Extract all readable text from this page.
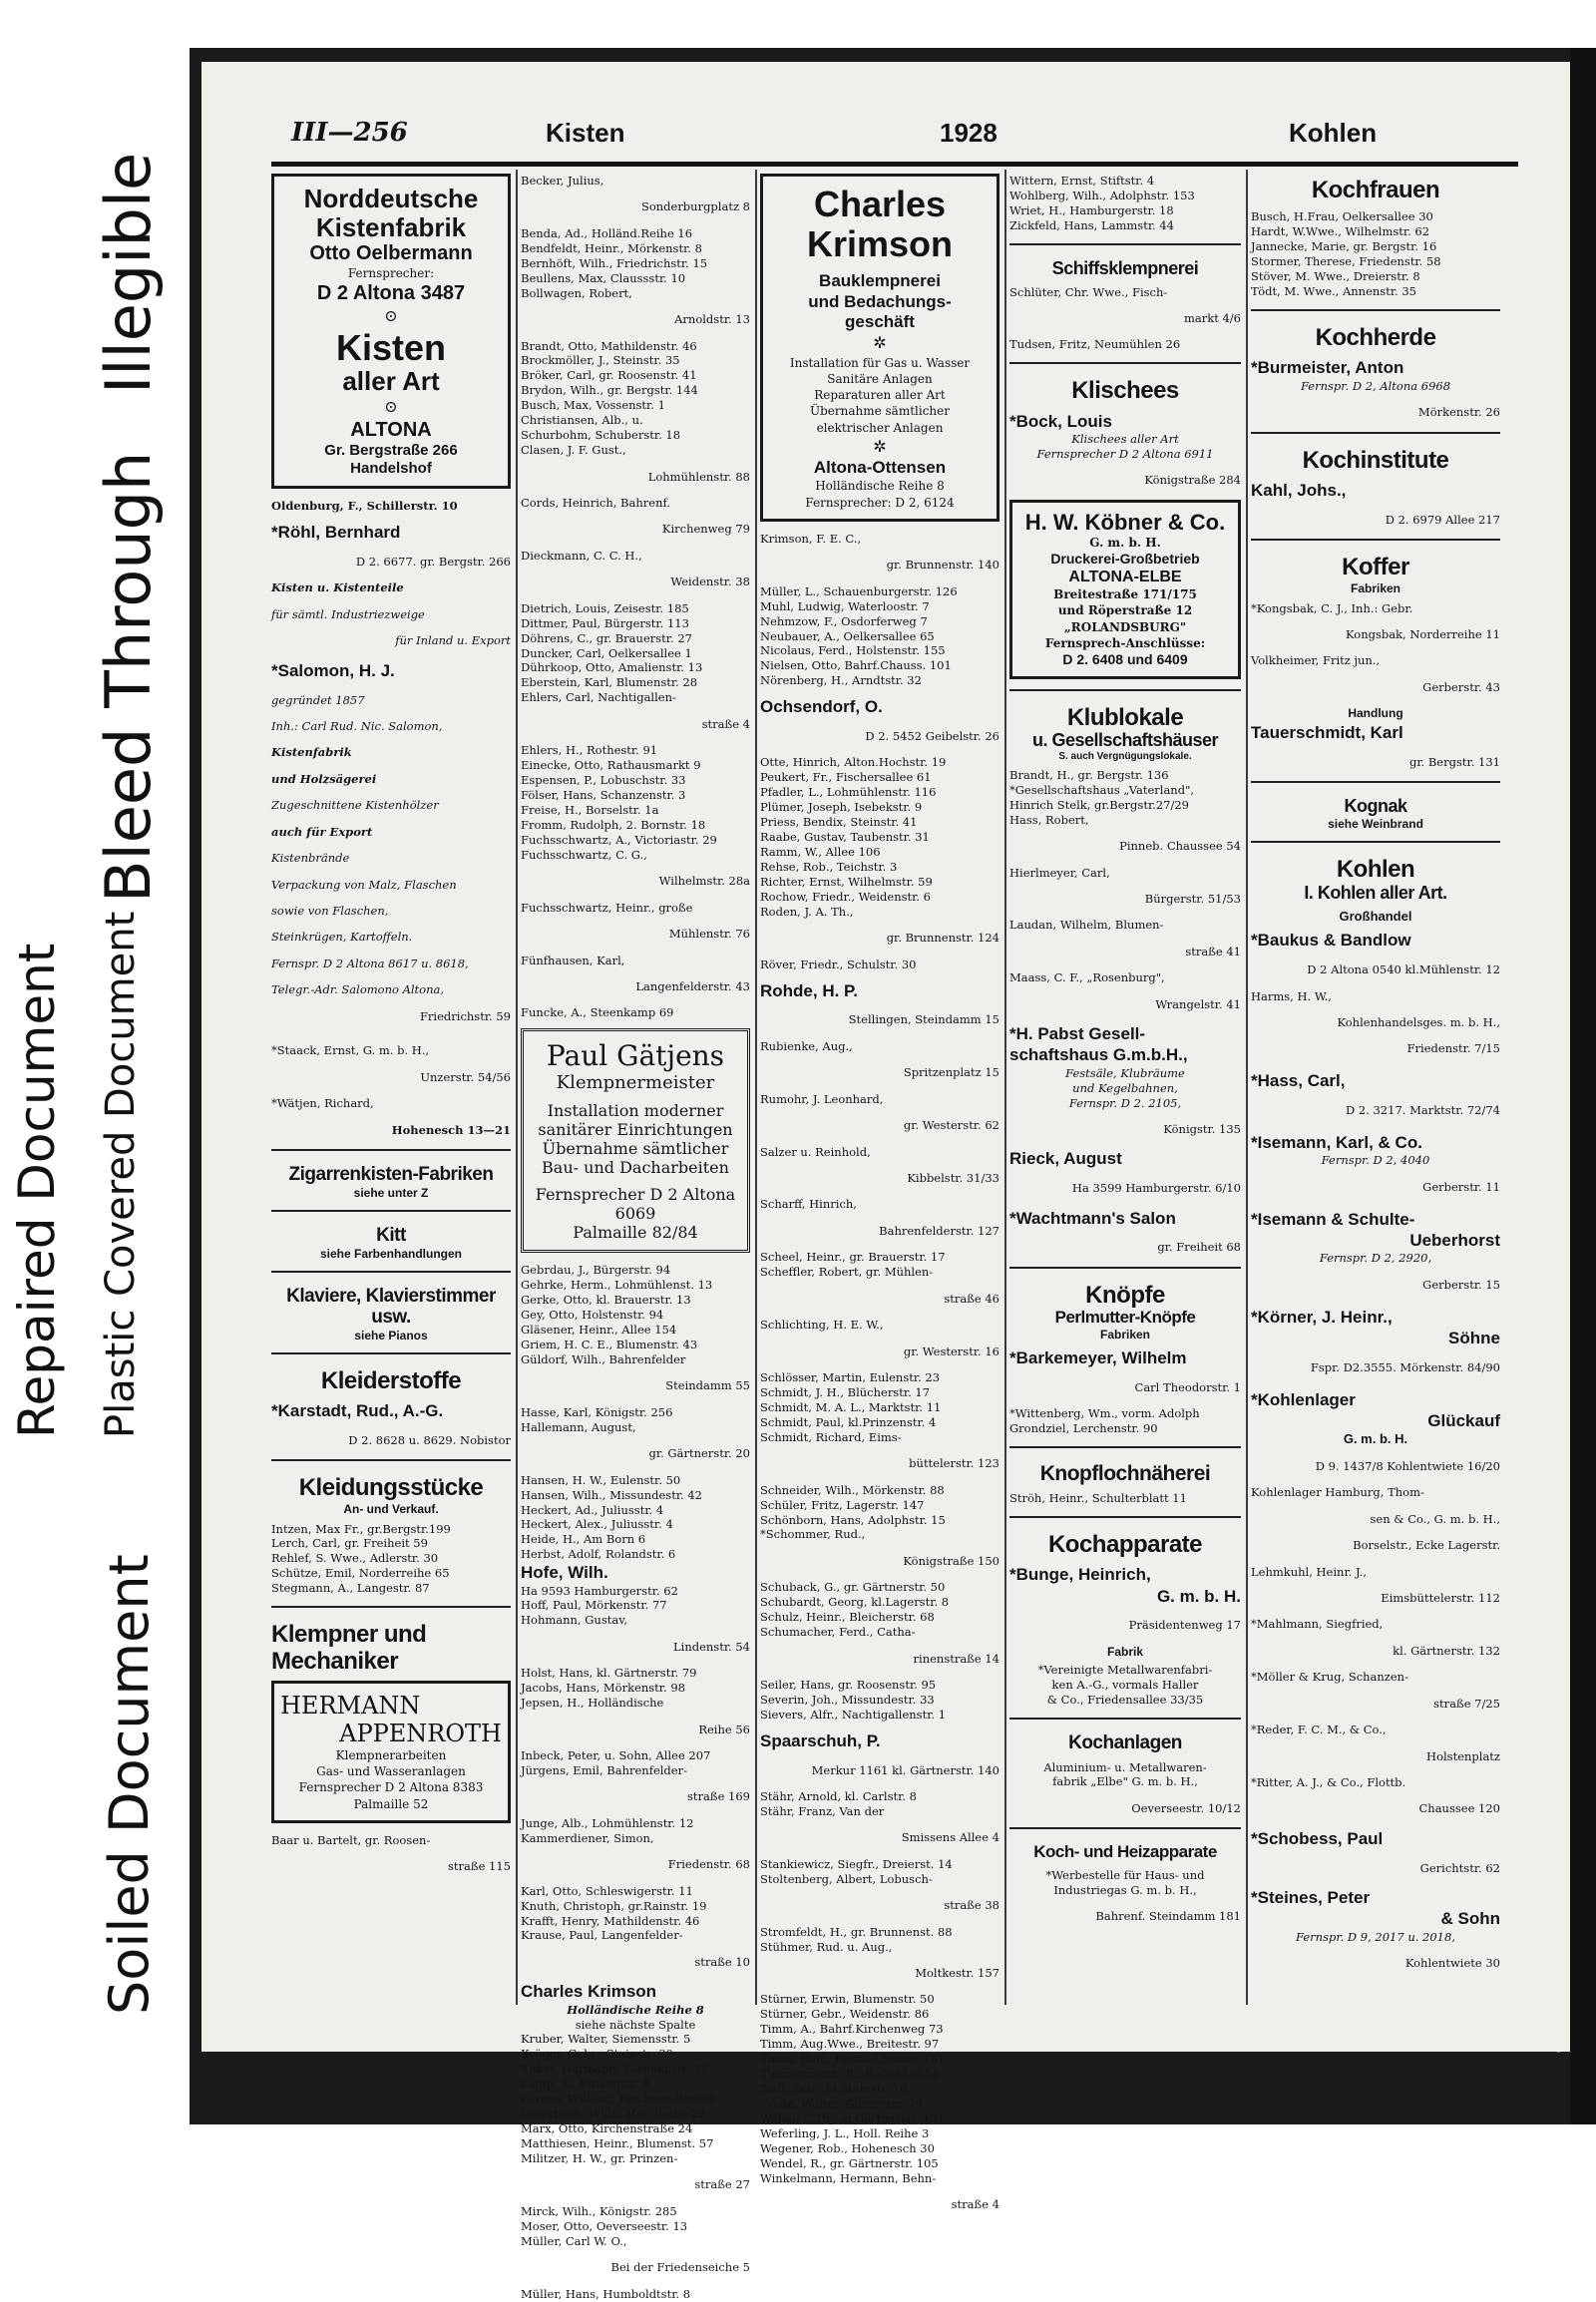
Illegible
Bleed Through
Repaired Document Plastic Covered Document
Soiled Document
III—256	Kisten	1928	Kohlen
Norddeutsche
Kistenfabrik
Otto Oelbermann
Fernsprecher:
D 2 Altona 3487
⊙
Kisten
aller Art
⊙
ALTONA
Gr. Bergstraße 266
Handelshof

Oldenburg, F., Schillerstr. 10

*Röhl, Bernhard

D 2. 6677. gr. Bergstr. 266

Kisten u. Kistenteile

für sämtl. Industriezweige

für Inland u. Export

*Salomon, H. J.

gegründet 1857

Inh.: Carl Rud. Nic. Salomon,

Kistenfabrik

und Holzsägerei

Zugeschnittene Kistenhölzer

auch für Export

Kistenbrände

Verpackung von Malz, Flaschen

sowie von Flaschen,

Steinkrügen, Kartoffeln.

Fernspr. D 2 Altona 8617 u. 8618,

Telegr.-Adr. Salomono Altona,

Friedrichstr. 59

*Staack, Ernst, G. m. b. H.,

Unzerstr. 54/56

*Wätjen, Richard,

Hohenesch 13—21

Zigarrenkisten-Fabriken
siehe unter Z
Kitt
siehe Farbenhandlungen
Klaviere, Klavierstimmer usw.
siehe Pianos
Kleiderstoffe
*Karstadt, Rud., A.-G.

D 2. 8628 u. 8629. Nobistor

Kleidungsstücke
An- und Verkauf.

Intzen, Max Fr., gr.Bergstr.199

Lerch, Carl, gr. Freiheit 59

Rehlef, S. Wwe., Adlerstr. 30

Schütze, Emil, Norderreihe 65

Stegmann, A., Langestr. 87

Klempner und Mechaniker
HERMANN
APPENROTH
Klempnerarbeiten
Gas- und Wasseranlagen
Fernsprecher D 2 Altona 8383
Palmaille 52

Baar u. Bartelt, gr. Roosen-

straße 115

Becker, Julius,

Sonderburgplatz 8

Benda, Ad., Holländ.Reihe 16

Bendfeldt, Heinr., Mörkenstr. 8

Bernhöft, Wilh., Friedrichstr. 15

Beullens, Max, Claussstr. 10

Bollwagen, Robert,

Arnoldstr. 13

Brandt, Otto, Mathildenstr. 46

Brockmöller, J., Steinstr. 35

Bröker, Carl, gr. Roosenstr. 41

Brydon, Wilh., gr. Bergstr. 144

Busch, Max, Vossenstr. 1

Christiansen, Alb., u.

Schurbohm, Schuberstr. 18

Clasen, J. F. Gust.,

Lohmühlenstr. 88

Cords, Heinrich, Bahrenf.

Kirchenweg 79

Dieckmann, C. C. H.,

Weidenstr. 38

Dietrich, Louis, Zeisestr. 185

Dittmer, Paul, Bürgerstr. 113

Döhrens, C., gr. Brauerstr. 27

Duncker, Carl, Oelkersallee 1

Dührkoop, Otto, Amalienstr. 13

Eberstein, Karl, Blumenstr. 28

Ehlers, Carl, Nachtigallen-

straße 4

Ehlers, H., Rothestr. 91

Einecke, Otto, Rathausmarkt 9

Espensen, P., Lobuschstr. 33

Fölser, Hans, Schanzenstr. 3

Freise, H., Borselstr. 1a

Fromm, Rudolph, 2. Bornstr. 18

Fuchsschwartz, A., Victoriastr. 29

Fuchsschwartz, C. G.,

Wilhelmstr. 28a

Fuchsschwartz, Heinr., große

Mühlenstr. 76

Fünfhausen, Karl,

Langenfelderstr. 43

Funcke, A., Steenkamp 69

Paul Gätjens
Klempnermeister
Installation moderner
sanitärer Einrichtungen
Übernahme sämtlicher
Bau- und Dacharbeiten
Fernsprecher D 2 Altona 6069
Palmaille 82/84

Gebrdau, J., Bürgerstr. 94

Gehrke, Herm., Lohmühlenst. 13

Gerke, Otto, kl. Brauerstr. 13

Gey, Otto, Holstenstr. 94

Gläsener, Heinr., Allee 154

Griem, H. C. E., Blumenstr. 43

Güldorf, Wilh., Bahrenfelder

Steindamm 55

Hasse, Karl, Königstr. 256

Hallemann, August,

gr. Gärtnerstr. 20

Hansen, H. W., Eulenstr. 50

Hansen, Wilh., Missundestr. 42

Heckert, Ad., Juliusstr. 4

Heckert, Alex., Juliusstr. 4

Heide, H., Am Born 6

Herbst, Adolf, Rolandstr. 6

Hofe, Wilh.

Ha 9593 Hamburgerstr. 62

Hoff, Paul, Mörkenstr. 77

Hohmann, Gustav,

Lindenstr. 54

Holst, Hans, kl. Gärtnerstr. 79

Jacobs, Hans, Mörkenstr. 98

Jepsen, H., Holländische

Reihe 56

Inbeck, Peter, u. Sohn, Allee 207

Jürgens, Emil, Bahrenfelder-

straße 169

Junge, Alb., Lohmühlenstr. 12

Kammerdiener, Simon,

Friedenstr. 68

Karl, Otto, Schleswigerstr. 11

Knuth, Christoph, gr.Rainstr. 19

Krafft, Henry, Mathildenstr. 46

Krause, Paul, Langenfelder-

straße 10

Charles Krimson

Holländische Reihe 8

siehe nächste Spalte

Kruber, Walter, Siemensstr. 5

Krüger, Gebr., Steinstr. 30

Küker, Hermann, Lerchenstr. 73

Lamp, A., Finkenstr. 4

Larsen, William, Fischersallee 93

Loverbeck, Wilh., Holl.Reihe 22

Marx, Otto, Kirchenstraße 24

Matthiesen, Heinr., Blumenst. 57

Militzer, H. W., gr. Prinzen-

straße 27

Mirck, Wilh., Königstr. 285

Moser, Otto, Oeverseestr. 13

Müller, Carl W. O.,

Bei der Friedenseiche 5

Müller, Hans, Humboldtstr. 8

Charles
Krimson
Bauklempnerei
und Bedachungs-
geschäft
✲
Installation für Gas u. Wasser
Sanitäre Anlagen
Reparaturen aller Art
Übernahme sämtlicher
elektrischer Anlagen
✲
Altona-Ottensen
Holländische Reihe 8
Fernsprecher: D 2, 6124

Krimson, F. E. C.,

gr. Brunnenstr. 140

Müller, L., Schauenburgerstr. 126

Muhl, Ludwig, Waterloostr. 7

Nehmzow, F., Osdorferweg 7

Neubauer, A., Oelkersallee 65

Nicolaus, Ferd., Holstenstr. 155

Nielsen, Otto, Bahrf.Chauss. 101

Nörenberg, H., Arndtstr. 32

Ochsendorf, O.

D 2. 5452 Geibelstr. 26

Otte, Hinrich, Alton.Hochstr. 19

Peukert, Fr., Fischersallee 61

Pfadler, L., Lohmühlenstr. 116

Plümer, Joseph, Isebekstr. 9

Priess, Bendix, Steinstr. 41

Raabe, Gustav, Taubenstr. 31

Ramm, W., Allee 106

Rehse, Rob., Teichstr. 3

Richter, Ernst, Wilhelmstr. 59

Rochow, Friedr., Weidenstr. 6

Roden, J. A. Th.,

gr. Brunnenstr. 124

Röver, Friedr., Schulstr. 30

Rohde, H. P.

Stellingen, Steindamm 15

Rubienke, Aug.,

Spritzenplatz 15

Rumohr, J. Leonhard,

gr. Westerstr. 62

Salzer u. Reinhold,

Kibbelstr. 31/33

Scharff, Hinrich,

Bahrenfelderstr. 127

Scheel, Heinr., gr. Brauerstr. 17

Scheffler, Robert, gr. Mühlen-

straße 46

Schlichting, H. E. W.,

gr. Westerstr. 16

Schlösser, Martin, Eulenstr. 23

Schmidt, J. H., Blücherstr. 17

Schmidt, M. A. L., Marktstr. 11

Schmidt, Paul, kl.Prinzenstr. 4

Schmidt, Richard, Eims-

büttelerstr. 123

Schneider, Wilh., Mörkenstr. 88

Schüler, Fritz, Lagerstr. 147

Schönborn, Hans, Adolphstr. 15

*Schommer, Rud.,

Königstraße 150

Schuback, G., gr. Gärtnerstr. 50

Schubardt, Georg, kl.Lagerstr. 8

Schulz, Heinr., Bleicherstr. 68

Schumacher, Ferd., Catha-

rinenstraße 14

Seiler, Hans, gr. Roosenstr. 95

Severin, Joh., Missundestr. 33

Sievers, Alfr., Nachtigallenstr. 1

Spaarschuh, P.

Merkur 1161 kl. Gärtnerstr. 140

Stähr, Arnold, kl. Carlstr. 8

Stähr, Franz, Van der

Smissens Allee 4

Stankiewicz, Siegfr., Dreierst. 14

Stoltenberg, Albert, Lobusch-

straße 38

Stromfeldt, H., gr. Brunnenst. 88

Stühmer, Rud. u. Aug.,

Moltkestr. 157

Stürner, Erwin, Blumenstr. 50

Stürner, Gebr., Weidenstr. 86

Timm, A., Bahrf.Kirchenweg 73

Timm, Aug.Wwe., Breitestr. 97

Timm, Rud., Flottb.Chauss. 161

Timmermann, R., Rodenhof 5a

Todt, Otto, kl. Rainstr. 16

Trede, Walter, Gustavstr. 79

Weber, L.Th., kl.Gärtnerstr. 131

Weferling, J. L., Holl. Reihe 3

Wegener, Rob., Hohenesch 30

Wendel, R., gr. Gärtnerstr. 105

Winkelmann, Hermann, Behn-

straße 4

Wittern, Ernst, Stiftstr. 4

Wohlberg, Wilh., Adolphstr. 153

Wriet, H., Hamburgerstr. 18

Zickfeld, Hans, Lammstr. 44

Schiffsklempnerei

Schlüter, Chr. Wwe., Fisch-

markt 4/6

Tudsen, Fritz, Neumühlen 26

Klischees
*Bock, Louis

Klischees aller Art

Fernsprecher D 2 Altona 6911

Königstraße 284

H. W. Köbner & Co.
G. m. b. H.
Druckerei-Großbetrieb
ALTONA-ELBE
Breitestraße 171/175
und Röperstraße 12
„ROLANDSBURG"
Fernsprech-Anschlüsse:
D 2. 6408 und 6409
Klublokale
u. Gesellschaftshäuser
S. auch Vergnügungslokale.

Brandt, H., gr. Bergstr. 136

*Gesellschaftshaus „Vaterland",

Hinrich Stelk, gr.Bergstr.27/29

Hass, Robert,

Pinneb. Chaussee 54

Hierlmeyer, Carl,

Bürgerstr. 51/53

Laudan, Wilhelm, Blumen-

straße 41

Maass, C. F., „Rosenburg",

Wrangelstr. 41

*H. Pabst Gesell-
schaftshaus G.m.b.H.,

Festsäle, Klubräume

und Kegelbahnen,

Fernspr. D 2. 2105,

Königstr. 135

Rieck, August

Ha 3599 Hamburgerstr. 6/10

*Wachtmann's Salon

gr. Freiheit 68

Knöpfe
Perlmutter-Knöpfe
Fabriken
*Barkemeyer, Wilhelm

Carl Theodorstr. 1

*Wittenberg, Wm., vorm. Adolph

Grondziel, Lerchenstr. 90

Knopflochnäherei

Ströh, Heinr., Schulterblatt 11

Kochapparate
*Bunge, Heinrich,
G. m. b. H.

Präsidentenweg 17

Fabrik

*Vereinigte Metallwarenfabri-

ken A.-G., vormals Haller

& Co., Friedensallee 33/35

Kochanlagen

Aluminium- u. Metallwaren-

fabrik „Elbe" G. m. b. H.,

Oeverseestr. 10/12

Koch- und Heizapparate

*Werbestelle für Haus- und

Industriegas G. m. b. H.,

Bahrenf. Steindamm 181

Kochfrauen

Busch, H.Frau, Oelkersallee 30

Hardt, W.Wwe., Wilhelmstr. 62

Jannecke, Marie, gr. Bergstr. 16

Stormer, Therese, Friedenstr. 58

Stöver, M. Wwe., Dreierstr. 8

Tödt, M. Wwe., Annenstr. 35

Kochherde
*Burmeister, Anton

Fernspr. D 2, Altona 6968

Mörkenstr. 26

Kochinstitute
Kahl, Johs.,

D 2. 6979 Allee 217

Koffer
Fabriken

*Kongsbak, C. J., Inh.: Gebr.

Kongsbak, Norderreihe 11

Volkheimer, Fritz jun.,

Gerberstr. 43

Handlung
Tauerschmidt, Karl

gr. Bergstr. 131

Kognak
siehe Weinbrand
Kohlen
I. Kohlen aller Art.
Großhandel
*Baukus & Bandlow

D 2 Altona 0540 kl.Mühlenstr. 12

Harms, H. W.,

Kohlenhandelsges. m. b. H.,

Friedenstr. 7/15

*Hass, Carl,

D 2. 3217. Marktstr. 72/74

*Isemann, Karl, & Co.

Fernspr. D 2, 4040

Gerberstr. 11

*Isemann & Schulte-
Ueberhorst

Fernspr. D 2, 2920,

Gerberstr. 15

*Körner, J. Heinr.,
Söhne

Fspr. D2.3555. Mörkenstr. 84/90

*Kohlenlager
Glückauf
G. m. b. H.

D 9. 1437/8 Kohlentwiete 16/20

Kohlenlager Hamburg, Thom-

sen & Co., G. m. b. H.,

Borselstr., Ecke Lagerstr.

Lehmkuhl, Heinr. J.,

Eimsbüttelerstr. 112

*Mahlmann, Siegfried,

kl. Gärtnerstr. 132

*Möller & Krug, Schanzen-

straße 7/25

*Reder, F. C. M., & Co.,

Holstenplatz

*Ritter, A. J., & Co., Flottb.

Chaussee 120

*Schobess, Paul

Gerichtstr. 62

*Steines, Peter
& Sohn

Fernspr. D 9, 2017 u. 2018,

Kohlentwiete 30
